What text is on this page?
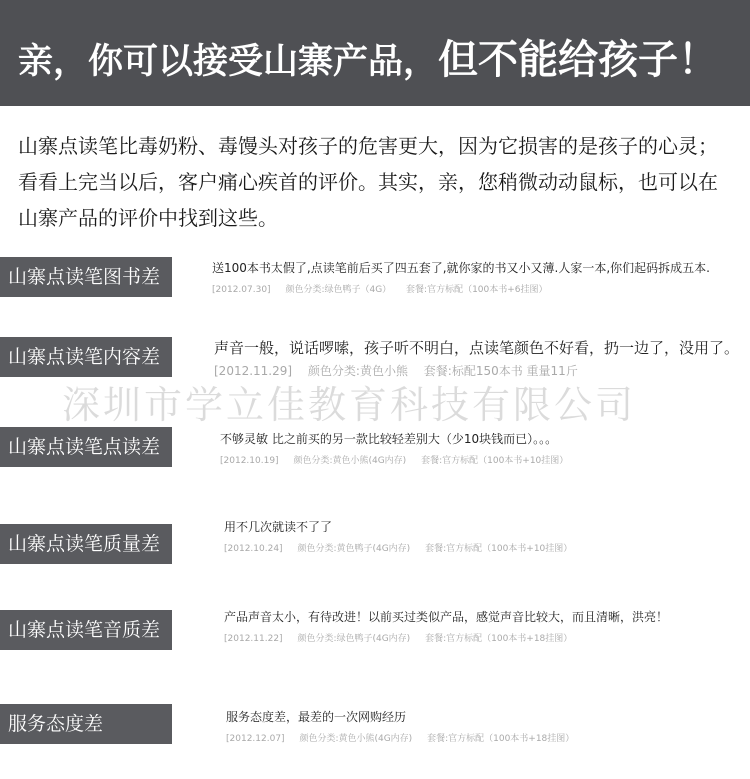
亲，你可以接受山寨产品，但不能给孩子！

山寨点读笔比毒奶粉、毒馒头对孩子的危害更大，因为它损害的是孩子的心灵；

看看上完当以后，客户痛心疾首的评价。其实，亲，您稍微动动鼠标，也可以在

山寨产品的评价中找到这些。

山寨点读笔图书差	送100本书太假了,点读笔前后买了四五套了,就你家的书又小又薄.人家一本,你们起码拆成五本.
[2012.07.30] 颜色分类:绿色鸭子（4G） 套餐:官方标配（100本书+6挂图）
山寨点读笔内容差	声音一般，说话啰嗦，孩子听不明白，点读笔颜色不好看，扔一边了，没用了。
[2012.11.29] 颜色分类:黄色小熊 套餐:标配150本书 重量11斤
深圳市学立佳教育科技有限公司
山寨点读笔点读差	不够灵敏 比之前买的另一款比较轻差别大（少10块钱而已）。。。
[2012.10.19] 颜色分类:黄色小熊(4G内存) 套餐:官方标配（100本书+10挂图）
山寨点读笔质量差
用不几次就读不了了
[2012.10.24] 颜色分类:黄色鸭子(4G内存) 套餐:官方标配（100本书+10挂图）
山寨点读笔音质差
产品声音太小，有待改进！以前买过类似产品，感觉声音比较大，而且清晰，洪亮！
[2012.11.22] 颜色分类:绿色鸭子(4G内存) 套餐:官方标配（100本书+18挂图）
服务态度差	服务态度差，最差的一次网购经历
[2012.12.07] 颜色分类:黄色小熊(4G内存) 套餐:官方标配（100本书+18挂图）
